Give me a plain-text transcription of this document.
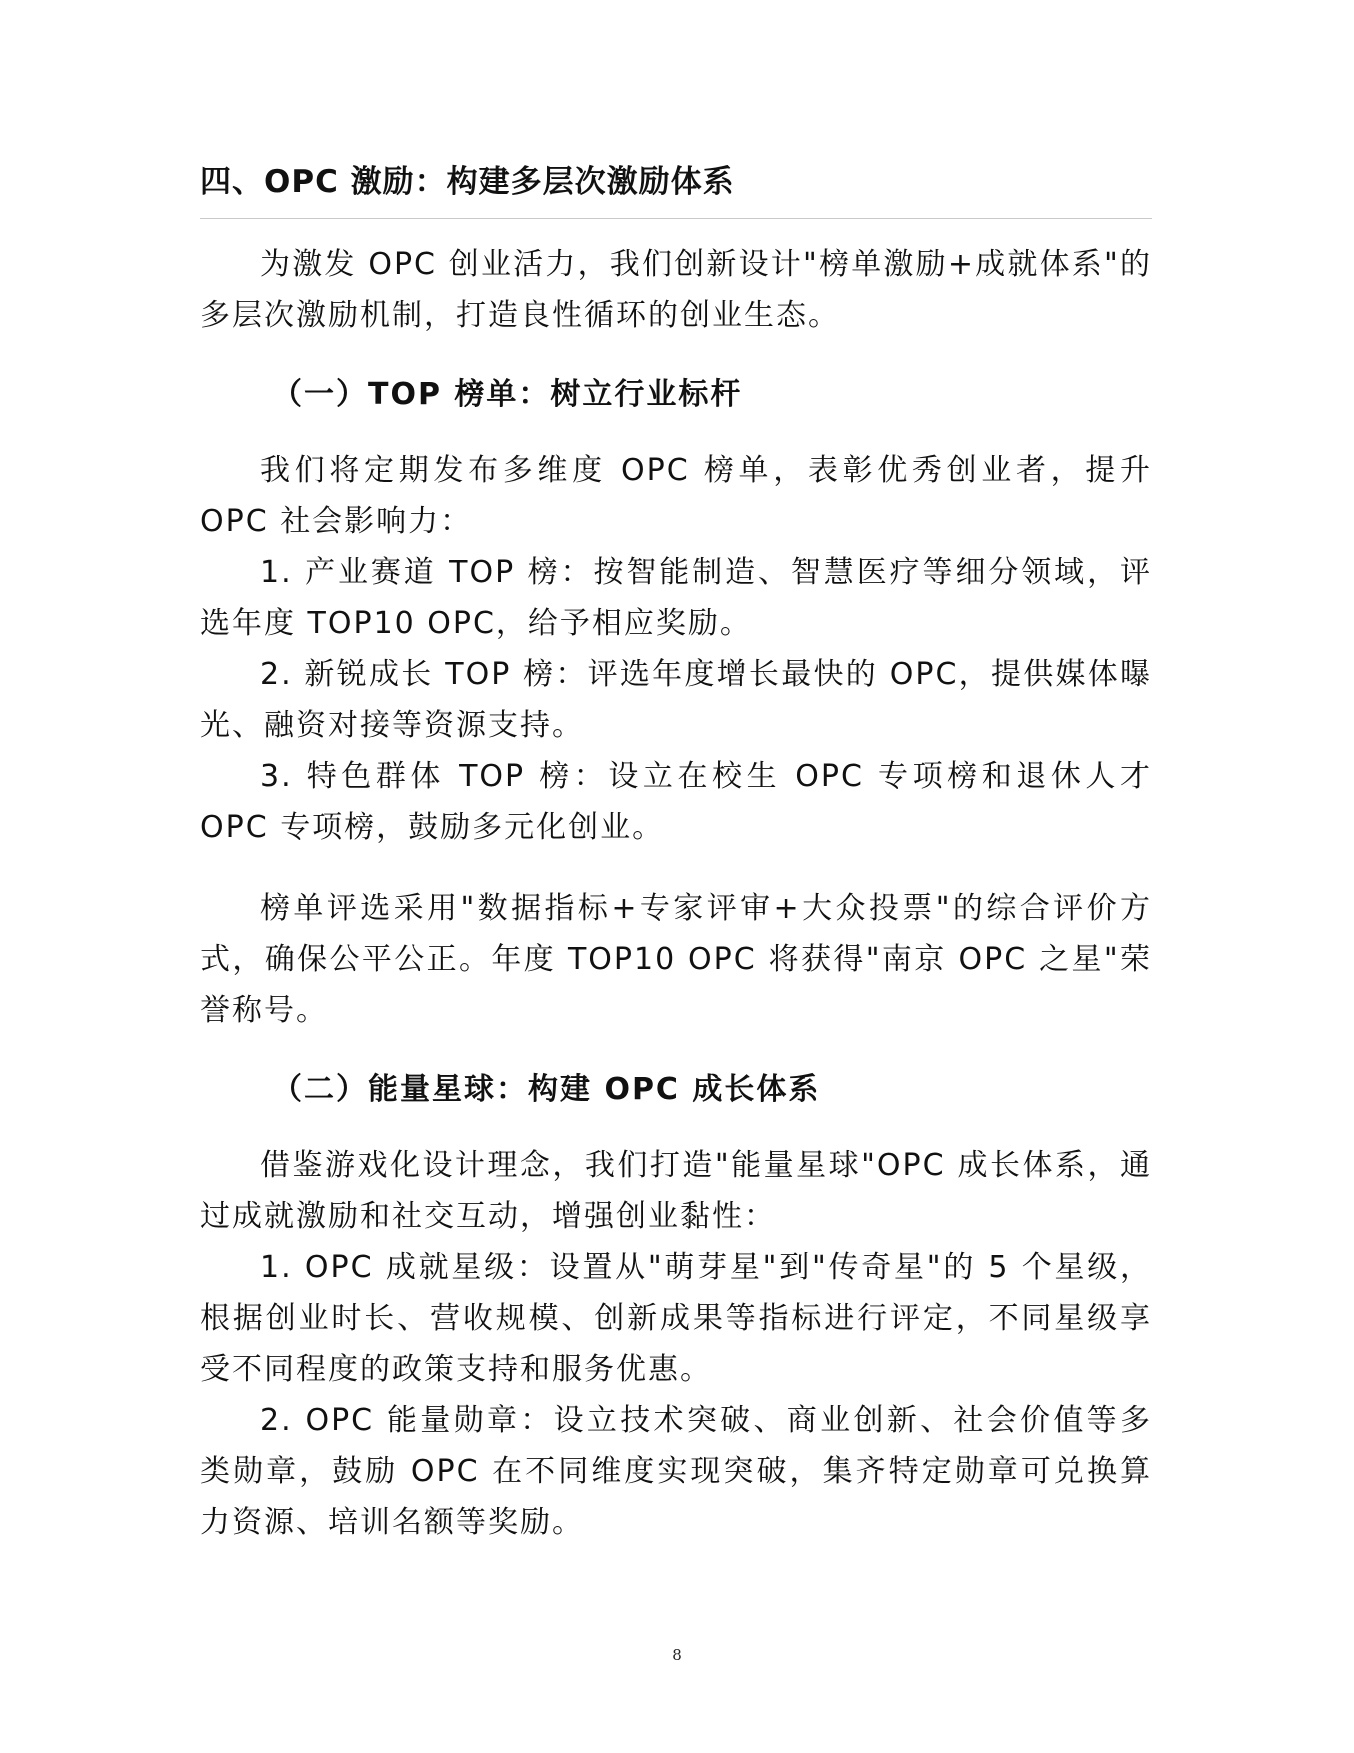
四、OPC 激励：构建多层次激励体系

为激发 OPC 创业活力，我们创新设计"榜单激励+成就体系"的多层次激励机制，打造良性循环的创业生态。

（一）TOP 榜单：树立行业标杆

我们将定期发布多维度 OPC 榜单，表彰优秀创业者，提升 OPC 社会影响力：

1. 产业赛道 TOP 榜：按智能制造、智慧医疗等细分领域，评选年度 TOP10 OPC，给予相应奖励。

2. 新锐成长 TOP 榜：评选年度增长最快的 OPC，提供媒体曝光、融资对接等资源支持。

3. 特色群体 TOP 榜：设立在校生 OPC 专项榜和退休人才 OPC 专项榜，鼓励多元化创业。

榜单评选采用"数据指标+专家评审+大众投票"的综合评价方式，确保公平公正。年度 TOP10 OPC 将获得"南京 OPC 之星"荣誉称号。

（二）能量星球：构建 OPC 成长体系

借鉴游戏化设计理念，我们打造"能量星球"OPC 成长体系，通过成就激励和社交互动，增强创业黏性：

1. OPC 成就星级：设置从"萌芽星"到"传奇星"的 5 个星级，根据创业时长、营收规模、创新成果等指标进行评定，不同星级享受不同程度的政策支持和服务优惠。

2. OPC 能量勋章：设立技术突破、商业创新、社会价值等多类勋章，鼓励 OPC 在不同维度实现突破，集齐特定勋章可兑换算力资源、培训名额等奖励。

8
